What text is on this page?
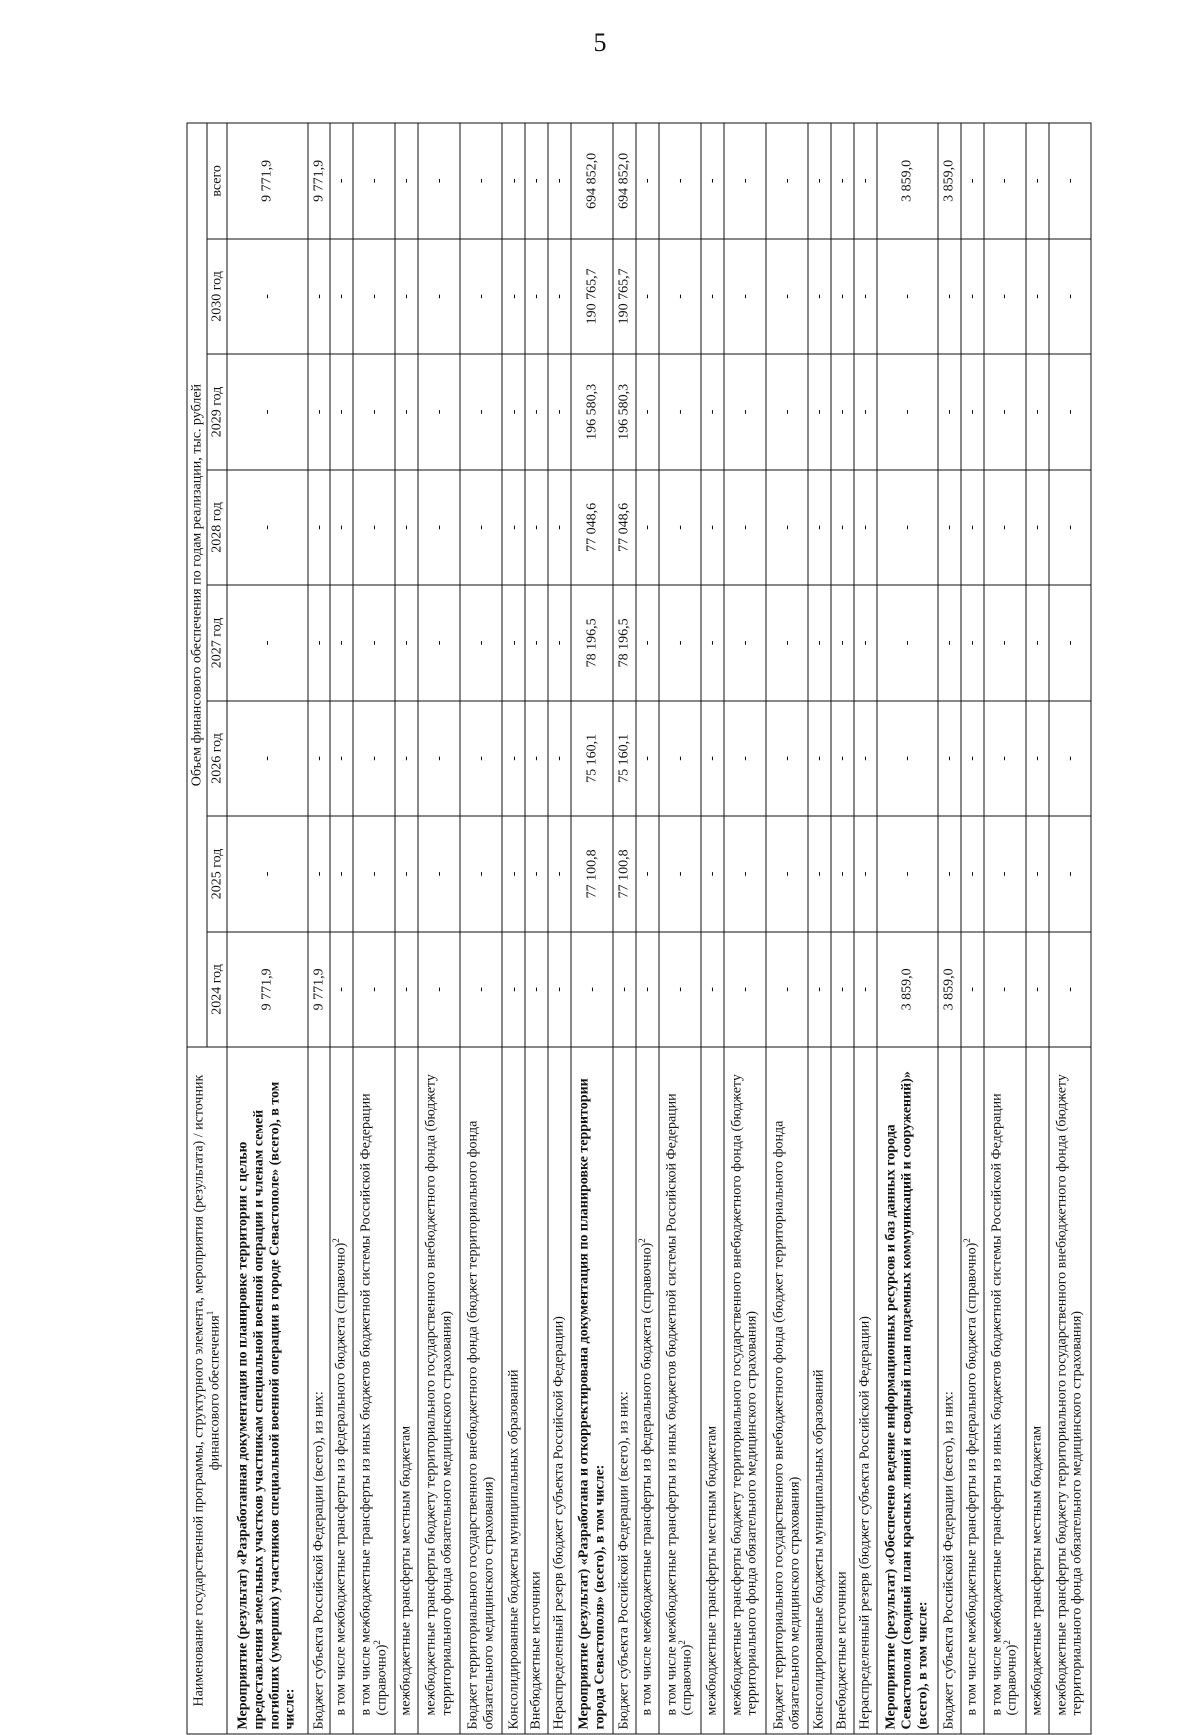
5
Наименование государственной программы, структурного элемента, мероприятия (результата) / источник финансового обеспечения$^1$	Объем финансового обеспечения по годам реализации, тыс. рублей							
	2024 год	2025 год	2026 год	2027 год	2028 год	2029 год	2030 год	всего
Мероприятие (результат) «Разработанная документация по планировке территории с целью предоставления земельных участков участникам специальной военной операции и членам семей погибших (умерших) участников специальной военной операции в городе Севастополе» (всего), в том числе:	9 771,9	-	-	-	-	-	-	9 771,9
Бюджет субъекта Российской Федерации (всего), из них:	9 771,9	-	-	-	-	-	-	9 771,9
в том числе межбюджетные трансферты из федерального бюджета (справочно)$^2$	-	-	-	-	-	-	-	-
в том числе межбюджетные трансферты из иных бюджетов бюджетной системы Российской Федерации (справочно)$^2$	-	-	-	-	-	-	-	-
межбюджетные трансферты местным бюджетам	-	-	-	-	-	-	-	-
межбюджетные трансферты бюджету территориального государственного внебюджетного фонда (бюджету территориального фонда обязательного медицинского страхования)	-	-	-	-	-	-	-	-
Бюджет территориального государственного внебюджетного фонда (бюджет территориального фонда обязательного медицинского страхования)	-	-	-	-	-	-	-	-
Консолидированные бюджеты муниципальных образований	-	-	-	-	-	-	-	-
Внебюджетные источники	-	-	-	-	-	-	-	-
Нераспределенный резерв (бюджет субъекта Российской Федерации)	-	-	-	-	-	-	-	-
Мероприятие (результат) «Разработана и откорректирована документация по планировке территории города Севастополя» (всего), в том числе:	-	77 100,8	75 160,1	78 196,5	77 048,6	196 580,3	190 765,7	694 852,0
Бюджет субъекта Российской Федерации (всего), из них:	-	77 100,8	75 160,1	78 196,5	77 048,6	196 580,3	190 765,7	694 852,0
в том числе межбюджетные трансферты из федерального бюджета (справочно)$^2$	-	-	-	-	-	-	-	-
в том числе межбюджетные трансферты из иных бюджетов бюджетной системы Российской Федерации (справочно)$^2$	-	-	-	-	-	-	-	-
межбюджетные трансферты местным бюджетам	-	-	-	-	-	-	-	-
межбюджетные трансферты бюджету территориального государственного внебюджетного фонда (бюджету территориального фонда обязательного медицинского страхования)	-	-	-	-	-	-	-	-
Бюджет территориального государственного внебюджетного фонда (бюджет территориального фонда обязательного медицинского страхования)	-	-	-	-	-	-	-	-
Консолидированные бюджеты муниципальных образований	-	-	-	-	-	-	-	-
Внебюджетные источники	-	-	-	-	-	-	-	-
Нераспределенный резерв (бюджет субъекта Российской Федерации)	-	-	-	-	-	-	-	-
Мероприятие (результат) «Обеспечено ведение информационных ресурсов и баз данных города Севастополя (сводный план красных линий и сводный план подземных коммуникаций и сооружений)» (всего), в том числе:	3 859,0	-	-	-	-	-	-	3 859,0
Бюджет субъекта Российской Федерации (всего), из них:	3 859,0	-	-	-	-	-	-	3 859,0
в том числе межбюджетные трансферты из федерального бюджета (справочно)$^2$	-	-	-	-	-	-	-	-
в том числе межбюджетные трансферты из иных бюджетов бюджетной системы Российской Федерации (справочно)$^2$	-	-	-	-	-	-	-	-
межбюджетные трансферты местным бюджетам	-	-	-	-	-	-	-	-
межбюджетные трансферты бюджету территориального государственного внебюджетного фонда (бюджету территориального фонда обязательного медицинского страхования)	-	-	-	-	-	-	-	-
